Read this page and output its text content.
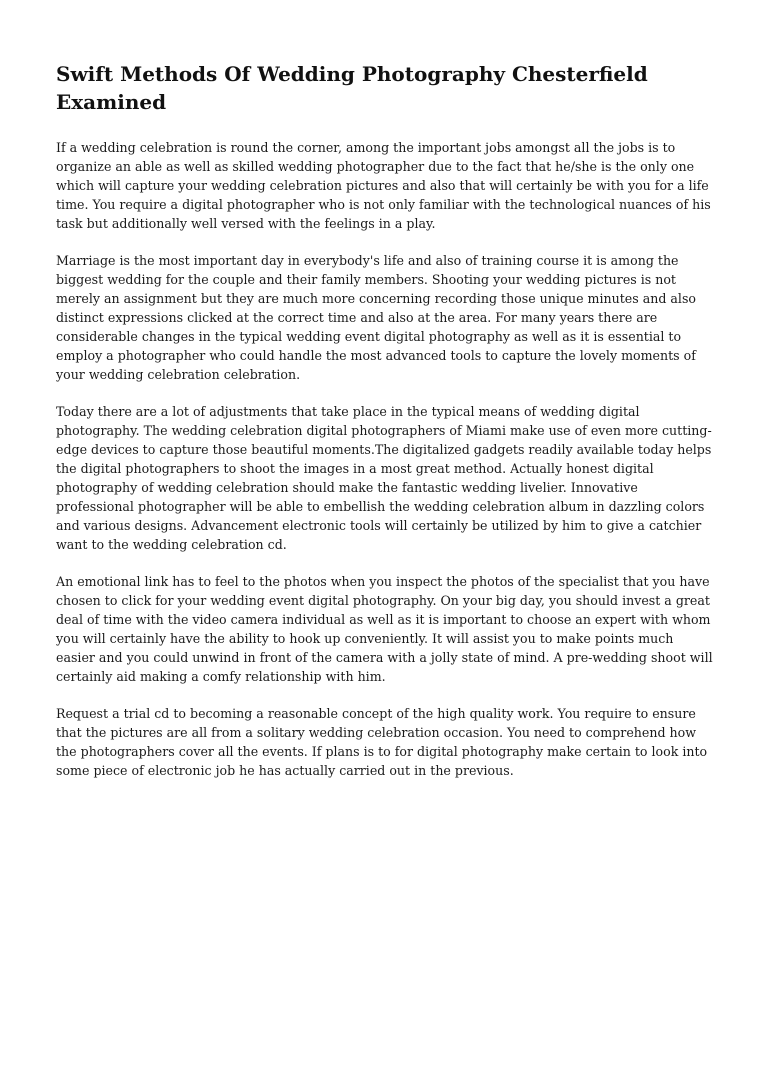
Swift Methods Of Wedding Photography Chesterfield Examined

If a wedding celebration is round the corner, among the important jobs amongst all the jobs is to organize an able as well as skilled wedding photographer due to the fact that he/she is the only one which will capture your wedding celebration pictures and also that will certainly be with you for a life time. You require a digital photographer who is not only familiar with the technological nuances of his task but additionally well versed with the feelings in a play.

Marriage is the most important day in everybody's life and also of training course it is among the biggest wedding for the couple and their family members. Shooting your wedding pictures is not merely an assignment but they are much more concerning recording those unique minutes and also distinct expressions clicked at the correct time and also at the area. For many years there are considerable changes in the typical wedding event digital photography as well as it is essential to employ a photographer who could handle the most advanced tools to capture the lovely moments of your wedding celebration celebration.

Today there are a lot of adjustments that take place in the typical means of wedding digital photography. The wedding celebration digital photographers of Miami make use of even more cutting-edge devices to capture those beautiful moments.The digitalized gadgets readily available today helps the digital photographers to shoot the images in a most great method. Actually honest digital photography of wedding celebration should make the fantastic wedding livelier. Innovative professional photographer will be able to embellish the wedding celebration album in dazzling colors and various designs. Advancement electronic tools will certainly be utilized by him to give a catchier want to the wedding celebration cd.

An emotional link has to feel to the photos when you inspect the photos of the specialist that you have chosen to click for your wedding event digital photography. On your big day, you should invest a great deal of time with the video camera individual as well as it is important to choose an expert with whom you will certainly have the ability to hook up conveniently. It will assist you to make points much easier and you could unwind in front of the camera with a jolly state of mind. A pre-wedding shoot will certainly aid making a comfy relationship with him.

Request a trial cd to becoming a reasonable concept of the high quality work. You require to ensure that the pictures are all from a solitary wedding celebration occasion. You need to comprehend how the photographers cover all the events. If plans is to for digital photography make certain to look into some piece of electronic job he has actually carried out in the previous.
